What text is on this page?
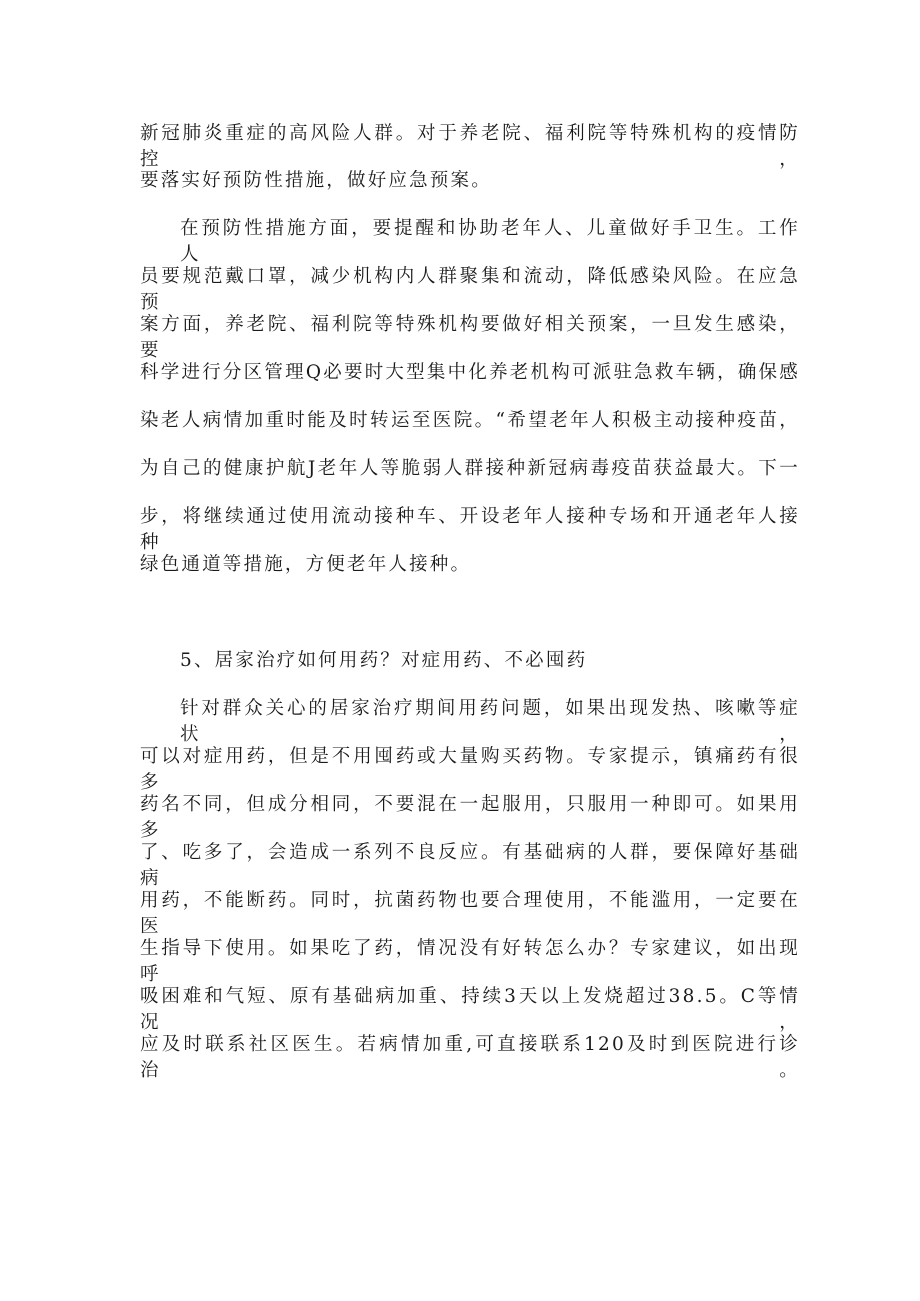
新冠肺炎重症的高风险人群。对于养老院、福利院等特殊机构的疫情防控，
要落实好预防性措施，做好应急预案。
在预防性措施方面，要提醒和协助老年人、儿童做好手卫生。工作人
员要规范戴口罩，减少机构内人群聚集和流动，降低感染风险。在应急预
案方面，养老院、福利院等特殊机构要做好相关预案，一旦发生感染，要
科学进行分区管理Q必要时大型集中化养老机构可派驻急救车辆，确保感
染老人病情加重时能及时转运至医院。“希望老年人积极主动接种疫苗，
为自己的健康护航J老年人等脆弱人群接种新冠病毒疫苗获益最大。下一
步，将继续通过使用流动接种车、开设老年人接种专场和开通老年人接种
绿色通道等措施，方便老年人接种。
5、居家治疗如何用药？对症用药、不必囤药
针对群众关心的居家治疗期间用药问题，如果出现发热、咳嗽等症状，
可以对症用药，但是不用囤药或大量购买药物。专家提示，镇痛药有很多
药名不同，但成分相同，不要混在一起服用，只服用一种即可。如果用多
了、吃多了，会造成一系列不良反应。有基础病的人群，要保障好基础病
用药，不能断药。同时，抗菌药物也要合理使用，不能滥用，一定要在医
生指导下使用。如果吃了药，情况没有好转怎么办？专家建议，如出现呼
吸困难和气短、原有基础病加重、持续3天以上发烧超过38.5。C等情况，
应及时联系社区医生。若病情加重,可直接联系120及时到医院进行诊治。
